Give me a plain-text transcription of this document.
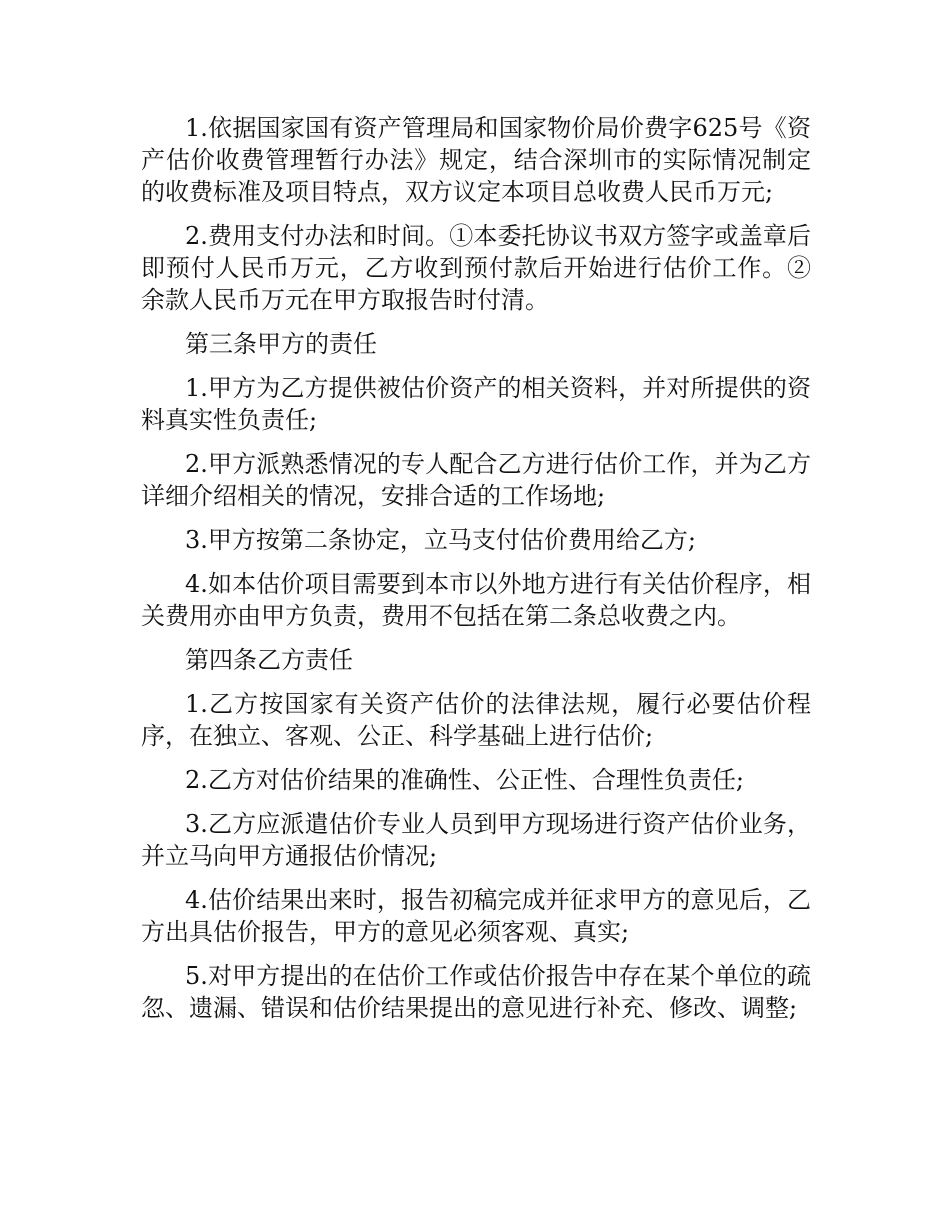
1.依据国家国有资产管理局和国家物价局价费字625号《资产估价收费管理暂行办法》规定，结合深圳市的实际情况制定的收费标准及项目特点，双方议定本项目总收费人民币万元;

2.费用支付办法和时间。①本委托协议书双方签字或盖章后即预付人民币万元，乙方收到预付款后开始进行估价工作。②余款人民币万元在甲方取报告时付清。

第三条甲方的责任

1.甲方为乙方提供被估价资产的相关资料，并对所提供的资料真实性负责任;

2.甲方派熟悉情况的专人配合乙方进行估价工作，并为乙方详细介绍相关的情况，安排合适的工作场地;

3.甲方按第二条协定，立马支付估价费用给乙方;

4.如本估价项目需要到本市以外地方进行有关估价程序，相关费用亦由甲方负责，费用不包括在第二条总收费之内。

第四条乙方责任

1.乙方按国家有关资产估价的法律法规，履行必要估价程序，在独立、客观、公正、科学基础上进行估价;

2.乙方对估价结果的准确性、公正性、合理性负责任;

3.乙方应派遣估价专业人员到甲方现场进行资产估价业务，并立马向甲方通报估价情况;

4.估价结果出来时，报告初稿完成并征求甲方的意见后，乙方出具估价报告，甲方的意见必须客观、真实;

5.对甲方提出的在估价工作或估价报告中存在某个单位的疏忽、遗漏、错误和估价结果提出的意见进行补充、修改、调整;
